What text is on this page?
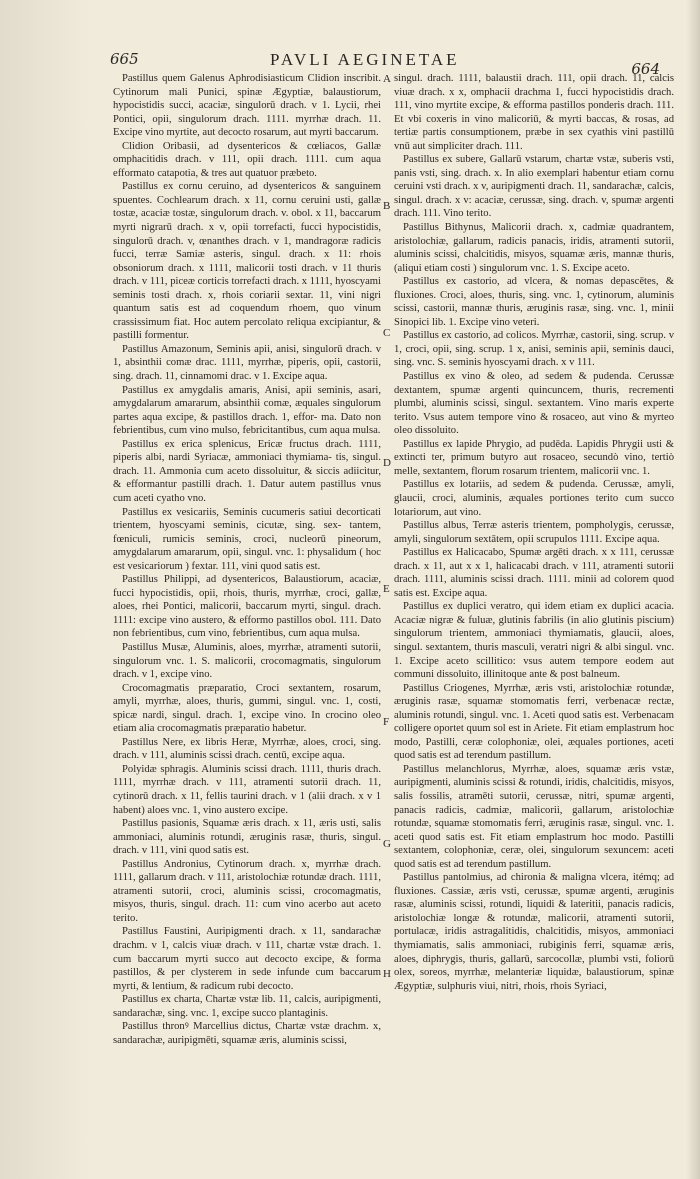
665	PAVLI AEGINETAE	664

Pastillus quem Galenus Aphrodisiasticum Clidion inscribit. Cytinorum mali Punici, spinæ Ægyptiæ, balaustiorum, hypocistidis succi, acaciæ, singulorū drach. v 1. Lycii, rhei Pontici, opii, singulorum drach. 1111. myrrhæ drach. 11. Excipe vino myrtite, aut decocto rosarum, aut myrti baccarum.

Clidion Oribasii, ad dysentericos & cœliacos, Gallæ omphacitidis drach. v 111, opii drach. 1111. cum aqua efformato catapotia, & tres aut quatuor præbeto.

Pastillus ex cornu ceruino, ad dysentericos & sanguinem spuentes. Cochlearum drach. x 11, cornu ceruini usti, gallæ tostæ, acaciæ tostæ, singulorum drach. v. obol. x 11, baccarum myrti nigrarū drach. x v, opii torrefacti, fucci hypocistidis, singulorū drach. v, œnanthes drach. v 1, mandragoræ radicis fucci, terræ Samiæ asteris, singul. drach. x 11: rhois obsoniorum drach. x 1111, malicorii tosti drach. v 11 thuris drach. v 111, piceæ corticis torrefacti drach. x 1111, hyoscyami seminis tosti drach. x, rhois coriarii sextar. 11, vini nigri quantum satis est ad coquendum rhoem, quo vinum crassissimum fiat. Hoc autem percolato reliqua excipiantur, & pastilli formentur.

Pastillus Amazonum, Seminis apii, anisi, singulorū drach. v 1, absinthii comæ drac. 1111, myrrhæ, piperis, opii, castorii, sing. drach. 11, cinnamomi drac. v 1. Excipe aqua.

Pastillus ex amygdalis amaris, Anisi, apii seminis, asari, amygdalarum amararum, absinthii comæ, æquales singulorum partes aqua excipe, & pastillos drach. 1, effor- ma. Dato non febrientibus, cum vino mulso, febricitantibus, cum aqua mulsa.

Pastillus ex erica splenicus, Ericæ fructus drach. 1111, piperis albi, nardi Syriacæ, ammoniaci thymiama- tis, singul. drach. 11. Ammonia cum aceto dissoluitur, & siccis adiicitur, & efformantur pastilli drach. 1. Datur autem pastillus vnus cum aceti cyatho vno.

Pastillus ex vesicariis, Seminis cucumeris satiui decorticati trientem, hyoscyami seminis, cicutæ, sing. sex- tantem, fœniculi, rumicis seminis, croci, nucleorū pineorum, amygdalarum amararum, opii, singul. vnc. 1: physalidum ( hoc est vesicariorum ) fextar. 111, vini quod satis est.

Pastillus Philippi, ad dysentericos, Balaustiorum, acaciæ, fucci hypocistidis, opii, rhois, thuris, myrrhæ, croci, gallæ, aloes, rhei Pontici, malicorii, baccarum myrti, singul. drach. 1111: excipe vino austero, & efformo pastillos obol. 111. Dato non febrientibus, cum vino, febrientibus, cum aqua mulsa.

Pastillus Musæ, Aluminis, aloes, myrrhæ, atramenti sutorii, singulorum vnc. 1. S. malicorii, crocomagmatis, singulorum drach. v 1, excipe vino.

Crocomagmatis præparatio, Croci sextantem, rosarum, amyli, myrrhæ, aloes, thuris, gummi, singul. vnc. 1, costi, spicæ nardi, singul. drach. 1, excipe vino. In crocino oleo etiam alia crocomagmatis præparatio habetur.

Pastillus Nere, ex libris Heræ, Myrrhæ, aloes, croci, sing. drach. v 111, aluminis scissi drach. centū, excipe aqua.

Polyidæ sphragis. Aluminis scissi drach. 1111, thuris drach. 1111, myrrhæ drach. v 111, atramenti sutorii drach. 11, cytinorū drach. x 11, fellis taurini drach. v 1 (alii drach. x v 1 habent) aloes vnc. 1, vino austero excipe.

Pastillus pasionis, Squamæ æris drach. x 11, æris usti, salis ammoniaci, aluminis rotundi, æruginis rasæ, thuris, singul. drach. v 111, vini quod satis est.

Pastillus Andronius, Cytinorum drach. x, myrrhæ drach. 1111, gallarum drach. v 111, aristolochiæ rotundæ drach. 1111, atramenti sutorii, croci, aluminis scissi, crocomagmatis, misyos, thuris, singul. drach. 11: cum vino acerbo aut aceto terito.

Pastillus Faustini, Auripigmenti drach. x 11, sandarachæ drachm. v 1, calcis viuæ drach. v 111, chartæ vstæ drach. 1. cum baccarum myrti succo aut decocto excipe, & forma pastillos, & per clysterem in sede infunde cum baccarum myrti, & lentium, & radicum rubi decocto.

Pastillus ex charta, Chartæ vstæ lib. 11, calcis, auripigmenti, sandarachæ, sing. vnc. 1, excipe succo plantaginis.

Pastillus thronꝰ Marcellius dictus, Chartæ vstæ drachm. x, sandarachæ, auripigmēti, squamæ æris, aluminis scissi,

singul. drach. 1111, balaustii drach. 111, opii drach. 11, calcis viuæ drach. x x, omphacii drachma 1, fucci hypocistidis drach. 111, vino myrtite excipe, & efforma pastillos ponderis drach. 111. Et vbi coxeris in vino malicoriū, & myrti baccas, & rosas, ad tertiæ partis consumptionem, præbe in sex cyathis vini pastillū vnū aut simpliciter drach. 111.

Pastillus ex subere, Gallarū vstarum, chartæ vstæ, suberis vsti, panis vsti, sing. drach. x. In alio exemplari habentur etiam cornu ceruini vsti drach. x v, auripigmenti drach. 11, sandarachæ, calcis, singul. drach. x v: acaciæ, cerussæ, sing. drach. v, spumæ argenti drach. 111. Vino terito.

Pastillus Bithynus, Malicorii drach. x, cadmiæ quadrantem, aristolochiæ, gallarum, radicis panacis, iridis, atramenti sutorii, aluminis scissi, chalcitidis, misyos, squamæ æris, mannæ thuris, (aliqui etiam costi ) singulorum vnc. 1. S. Excipe aceto.

Pastillus ex castorio, ad vlcera, & nomas depascētes, & fluxiones. Croci, aloes, thuris, sing. vnc. 1, cytinorum, aluminis scissi, castorii, mannæ thuris, æruginis rasæ, sing. vnc. 1, minii Sinopici lib. 1. Excipe vino veteri.

Pastillus ex castorio, ad colicos. Myrrhæ, castorii, sing. scrup. v 1, croci, opii, sing. scrup. 1 x, anisi, seminis apii, seminis dauci, sing. vnc. S. seminis hyoscyami drach. x v 111.

Pastillus ex vino & oleo, ad sedem & pudenda. Cerussæ dextantem, spumæ argenti quincuncem, thuris, recrementi plumbi, aluminis scissi, singul. sextantem. Vino maris experte terito. Vsus autem tempore vino & rosaceo, aut vino & myrteo oleo dissoluito.

Pastillus ex lapide Phrygio, ad pudēda. Lapidis Phrygii usti & extincti ter, primum butyro aut rosaceo, secundò vino, tertiò melle, sextantem, florum rosarum trientem, malicorii vnc. 1.

Pastillus ex lotariis, ad sedem & pudenda. Cerussæ, amyli, glaucii, croci, aluminis, æquales portiones terito cum succo lotariorum, aut vino.

Pastillus albus, Terræ asteris trientem, pompholygis, cerussæ, amyli, singulorum sextātem, opii scrupulos 1111. Excipe aqua.

Pastillus ex Halicacabo, Spumæ argēti drach. x x 111, cerussæ drach. x 11, aut x x 1, halicacabi drach. v 111, atramenti sutorii drach. 1111, aluminis scissi drach. 1111. minii ad colorem quod satis est. Excipe aqua.

Pastillus ex duplici veratro, qui idem etiam ex duplici acacia. Acaciæ nigræ & fuluæ, glutinis fabrilis (in alio glutinis piscium) singulorum trientem, ammoniaci thymiamatis, glaucii, aloes, singul. sextantem, thuris masculi, veratri nigri & albi singul. vnc. 1. Excipe aceto scillitico: vsus autem tempore eodem aut communi dissoluito, illinitoque ante & post balneum.

Pastillus Criogenes, Myrrhæ, æris vsti, aristolochiæ rotundæ, æruginis rasæ, squamæ stomomatis ferri, verbenacæ rectæ, aluminis rotundi, singul. vnc. 1. Aceti quod satis est. Verbenacam colligere oportet quum sol est in Ariete. Fit etiam emplastrum hoc modo, Pastilli, ceræ colophoniæ, olei, æquales portiones, aceti quod satis est ad terendum pastillum.

Pastillus melanchlorus, Myrrhæ, aloes, squamæ æris vstæ, auripigmenti, aluminis scissi & rotundi, iridis, chalcitidis, misyos, salis fossilis, atramēti sutorii, cerussæ, nitri, spumæ argenti, panacis radicis, cadmiæ, malicorii, gallarum, aristolochiæ rotundæ, squamæ stomomatis ferri, æruginis rasæ, singul. vnc. 1. aceti quod satis est. Fit etiam emplastrum hoc modo. Pastilli sextantem, colophoniæ, ceræ, olei, singulorum sexuncem: aceti quod satis est ad terendum pastillum.

Pastillus pantolmius, ad chironia & maligna vlcera, itémq; ad fluxiones. Cassiæ, æris vsti, cerussæ, spumæ argenti, æruginis rasæ, aluminis scissi, rotundi, liquidi & lateritii, panacis radicis, aristolochiæ longæ & rotundæ, malicorii, atramenti sutorii, portulacæ, iridis astragalitidis, chalcitidis, misyos, ammoniaci thymiamatis, salis ammoniaci, rubiginis ferri, squamæ æris, aloes, diphrygis, thuris, gallarū, sarcocollæ, plumbi vsti, foliorū olex, soreos, myrrhæ, melanteriæ liquidæ, balaustiorum, spinæ Ægyptiæ, sulphuris viui, nitri, rhois, rhois Syriaci,

A
B
C
D
E
F
G
H
